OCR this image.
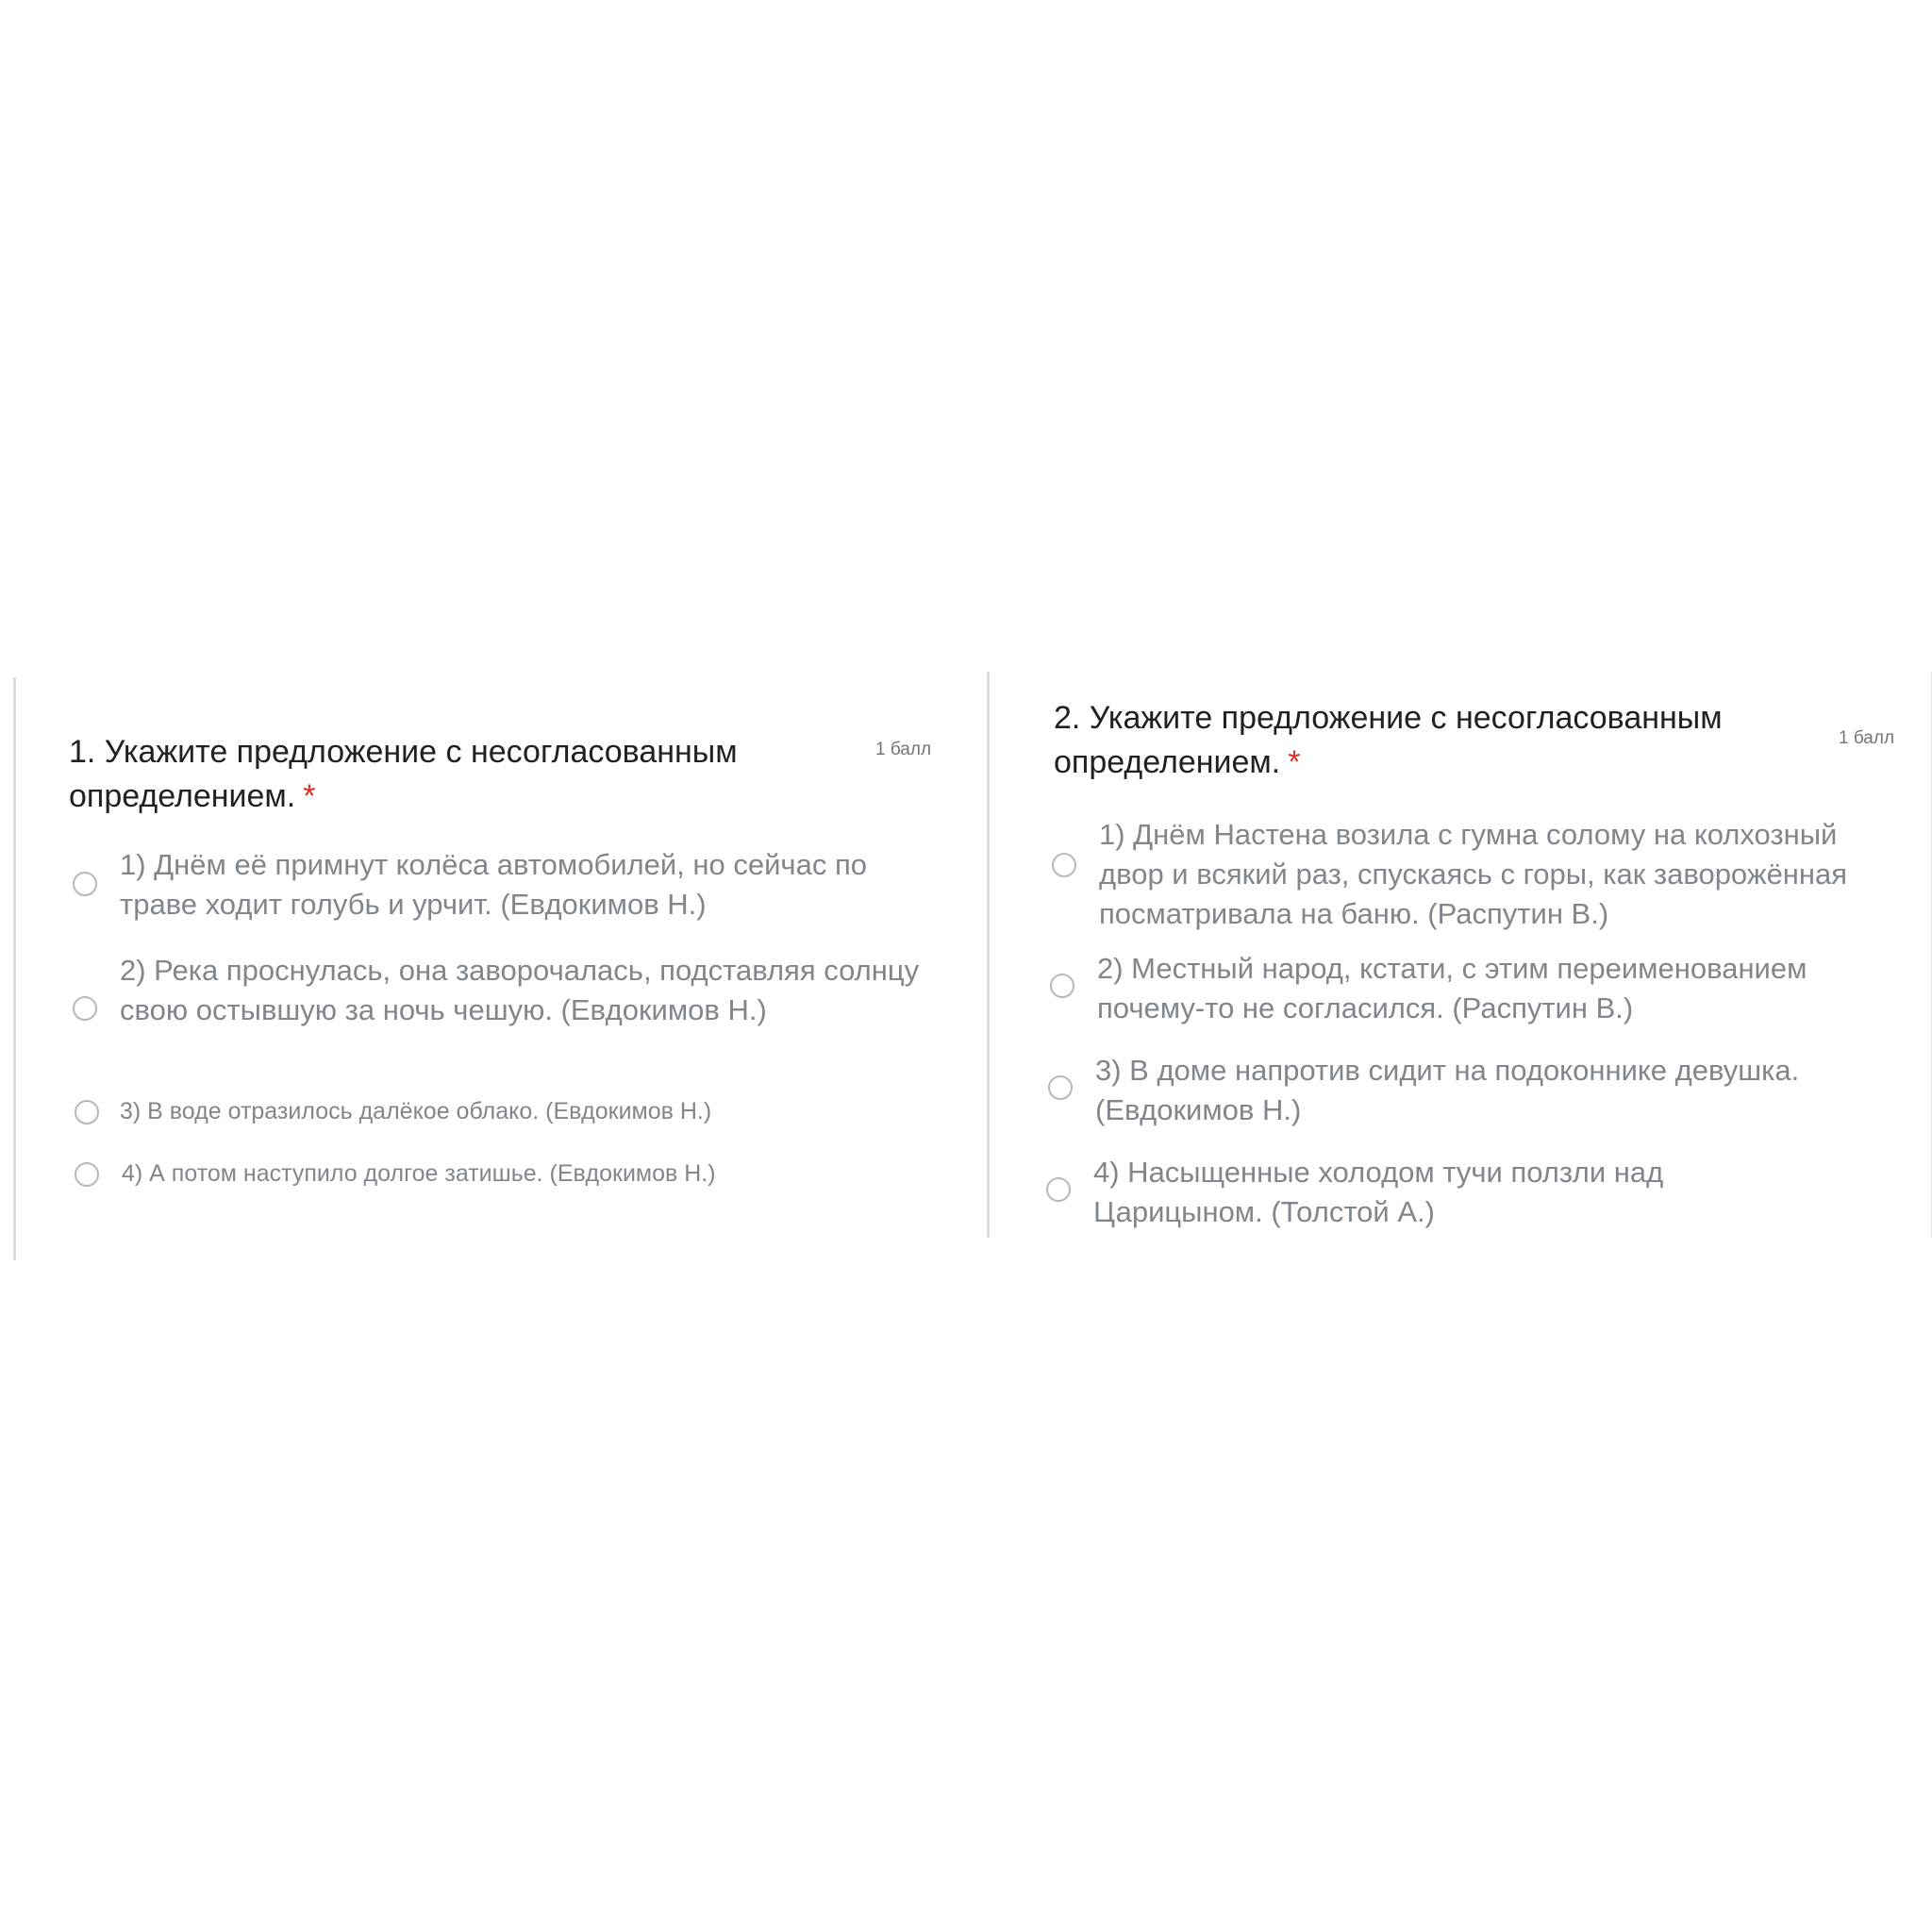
1. Укажите предложение с несогласованным определением. *
1 балл
1) Днём её примнут колёса автомобилей, но сейчас по траве ходит голубь и урчит. (Евдокимов Н.)
2) Река проснулась, она заворочалась, подставляя солнцу свою остывшую за ночь чешую. (Евдокимов Н.)
3) В воде отразилось далёкое облако. (Евдокимов Н.)
4) А потом наступило долгое затишье. (Евдокимов Н.)
2. Укажите предложение с несогласованным определением. *
1 балл
1) Днём Настена возила с гумна солому на колхозный двор и всякий раз, спускаясь с горы, как заворожённая посматривала на баню. (Распутин В.)
2) Местный народ, кстати, с этим переименованием почему-то не согласился. (Распутин В.)
3) В доме напротив сидит на подоконнике девушка. (Евдокимов Н.)
4) Насыщенные холодом тучи ползли над Царицыном. (Толстой А.)
